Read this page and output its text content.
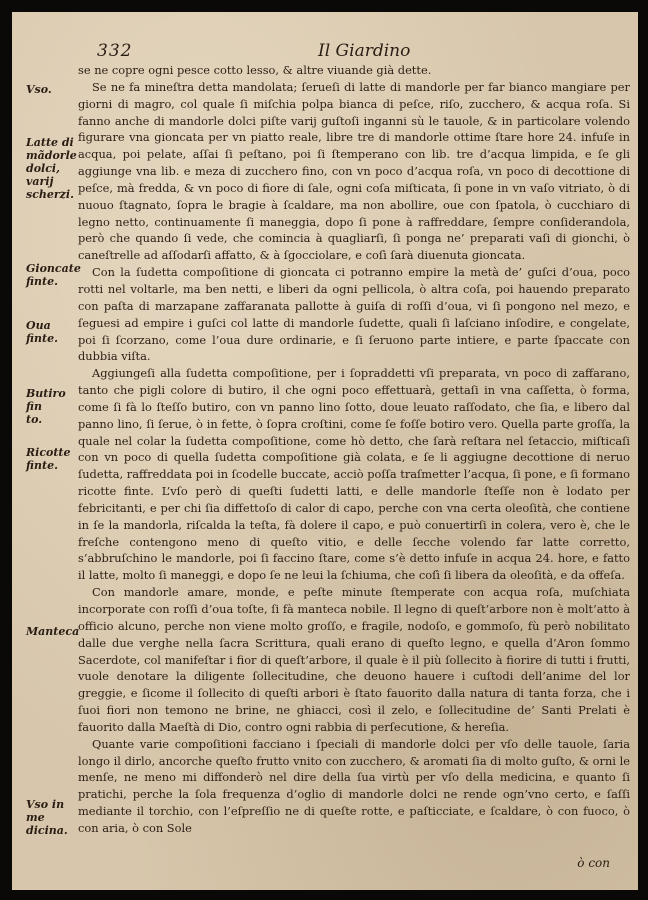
332	Il Giardino
Vso.
Latte di
mãdorle
dolci,
varij
scherzi.
Gioncate
finte.
Oua finte.
Butiro fin
to.
Ricotte
finte.
Manteca
Vso in me
dicina.

se ne copre ogni pesce cotto lesso, & altre viuande già dette.

Se ne fa mineſtra detta mandolata; ſerueſi di latte di mandorle per far bianco mangiare per giorni di magro, col quale ſi miſchia polpa bianca di peſce, riſo, zucchero, & acqua roſa. Si fanno anche di mandorle dolci piſte varij guſtoſi inganni sù le tauole, & in particolare volendo figurare vna gioncata per vn piatto reale, libre tre di mandorle ottime ſtare hore 24. infuſe in acqua, poi pelate, aſſai ſi peſtano, poi ſi ſtemperano con lib. tre d’acqua limpida, e ſe gli aggiunge vna lib. e meza di zucchero fino, con vn poco d’acqua roſa, vn poco di decottione di peſce, mà fredda, & vn poco di fiore di ſale, ogni coſa miſticata, ſi pone in vn vaſo vitriato, ò di nuouo ſtagnato, ſopra le bragie à ſcaldare, ma non abollire, oue con ſpatola, ò cucchiaro di legno netto, continuamente ſi maneggia, dopo ſi pone à raffreddare, ſempre conſiderandola, però che quando ſi vede, che comincia à quagliarſi, ſi ponga ne’ preparati vaſi di gionchi, ò caneſtrelle ad aſſodarſi affatto, & à ſgocciolare, e coſì ſarà diuenuta gioncata.

Con la ſudetta compoſitione di gioncata ci potranno empire la metà de’ guſci d’oua, poco rotti nel voltarle, ma ben netti, e liberi da ogni pellicola, ò altra coſa, poi hauendo preparato con paſta di marzapane zaffaranata pallotte à guiſa di roſſi d’oua, vi ſi pongono nel mezo, e ſeguesi ad empire i guſci col latte di mandorle ſudette, quali ſi laſciano inſodire, e congelate, poi ſi ſcorzano, come l’oua dure ordinarie, e ſi ſeruono parte intiere, e parte ſpaccate con dubbia viſta.

Aggiungeſi alla ſudetta compoſitione, per i ſopraddetti vſi preparata, vn poco di zaffarano, tanto che pigli colore di butiro, il che ogni poco effettuarà, gettaſi in vna caſſetta, ò forma, come ſi fà lo ſteſſo butiro, con vn panno lino ſotto, doue leuato raſſodato, che ſia, e libero dal panno lino, ſi ſerue, ò in fette, ò ſopra croſtini, come ſe foſſe botiro vero. Quella parte groſſa, la quale nel colar la ſudetta compoſitione, come hò detto, che ſarà reſtara nel ſetaccio, miſticaſi con vn poco di quella ſudetta compoſitione già colata, e ſe li aggiugne decottione di neruo ſudetta, raffreddata poi in ſcodelle buccate, acciò poſſa traſmetter l’acqua, ſi pone, e ſi formano ricotte finte. L’vſo però di queſti ſudetti latti, e delle mandorle ſteſſe non è lodato per febricitanti, e per chi ſia diffettoſo di calor di capo, perche con vna certa oleoſità, che contiene in ſe la mandorla, riſcalda la teſta, fà dolere il capo, e può conuertirſi in colera, vero è, che le freſche contengono meno di queſto vitio, e delle ſecche volendo far latte corretto, s’abbruſchino le mandorle, poi ſi faccino ſtare, come s’è detto infuſe in acqua 24. hore, e fatto il latte, molto ſi maneggi, e dopo ſe ne leui la ſchiuma, che coſì ſi libera da oleoſità, e da offeſa.

Con mandorle amare, monde, e peſte minute ſtemperate con acqua roſa, muſchiata incorporate con roſſi d’oua toſte, ſi fà manteca nobile. Il legno di queſt’arbore non è molt’atto à officio alcuno, perche non viene molto groſſo, e fragile, nodoſo, e gommoſo, fù però nobilitato dalle due verghe nella ſacra Scrittura, quali erano di queſto legno, e quella d’Aron ſommo Sacerdote, col manifeſtar i fior di queſt’arbore, il quale è il più ſollecito à fiorire di tutti i frutti, vuole denotare la diligente ſollecitudine, che deuono hauere i cuſtodi dell’anime del lor greggie, e ſicome il ſollecito di queſti arbori è ſtato fauorito dalla natura di tanta forza, che i ſuoi fiori non temono ne brine, ne ghiacci, così il zelo, e ſollecitudine de’ Santi Prelati è fauorito dalla Maeſtà di Dio, contro ogni rabbia di perſecutione, & hereſia.

Quante varie compoſitioni facciano i ſpeciali di mandorle dolci per vſo delle tauole, ſaria longo il dirlo, ancorche queſto frutto vnito con zucchero, & aromati ſia di molto guſto, & orni le menſe, ne meno mi diffonderò nel dire della ſua virtù per vſo della medicina, e quanto ſi pratichi, perche la ſola frequenza d’oglio di mandorle dolci ne rende ogn’vno certo, e ſaſſi mediante il torchio, con l’eſpreſſio ne di queſte rotte, e paſticciate, e ſcaldare, ò con fuoco, ò con aria, ò con Sole

ò con
